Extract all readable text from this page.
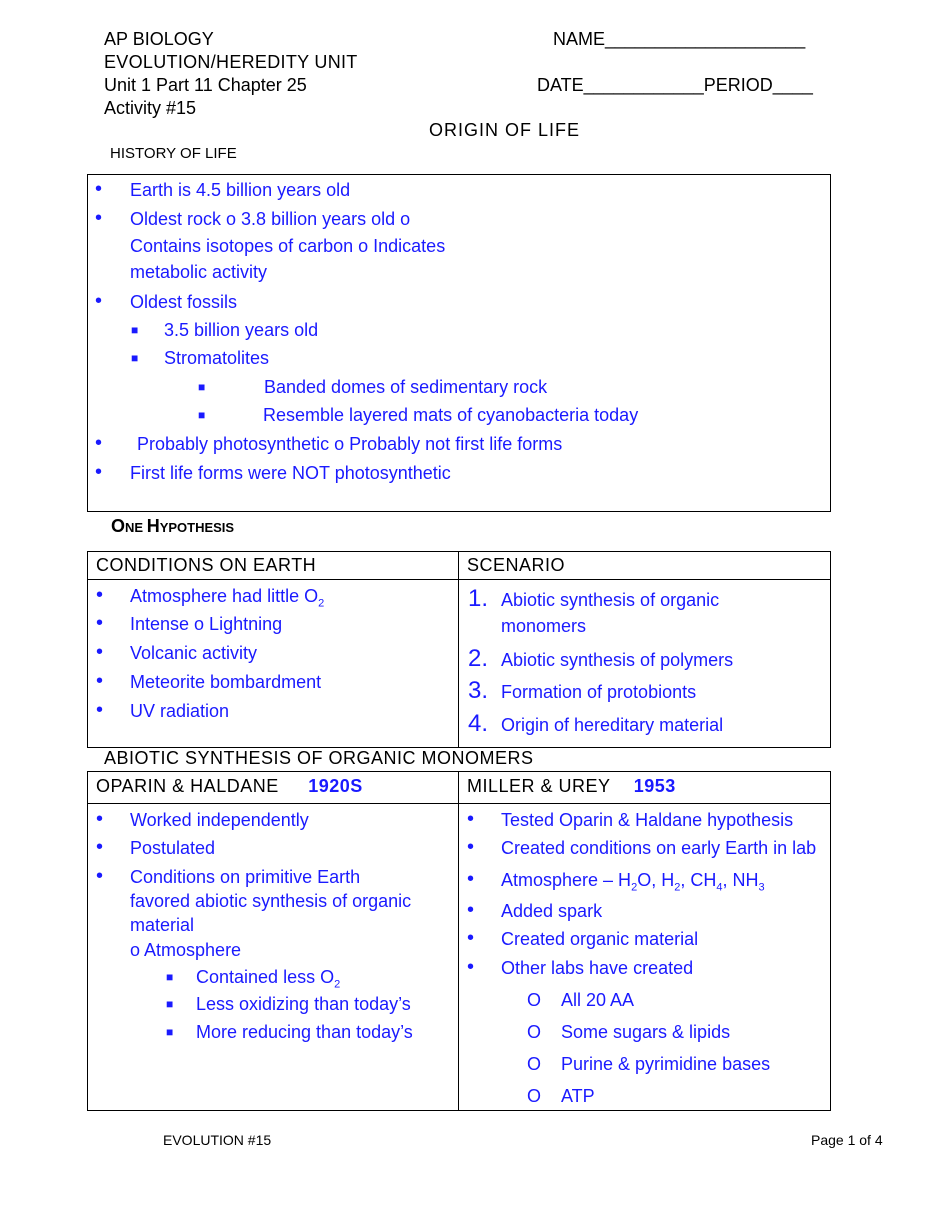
AP BIOLOGY
EVOLUTION/HEREDITY UNIT
Unit 1 Part 11 Chapter 25
Activity #15
NAME____________________
DATE____________PERIOD____
ORIGIN OF LIFE
HISTORY OF LIFE
• Earth is 4.5 billion years old
• Oldest rock o 3.8 billion years old o
Contains isotopes of carbon o Indicates
metabolic activity
• Oldest fossils
■ 3.5 billion years old
■ Stromatolites
■	Banded domes of sedimentary rock
■	Resemble layered mats of cyanobacteria today
• Probably photosynthetic o Probably not first life forms
• First life forms were NOT photosynthetic
ONE HYPOTHESIS
CONDITIONS ON EARTH	SCENARIO
• Atmosphere had little $O_2$
• Intense o Lightning
• Volcanic activity
• Meteorite bombardment
• UV radiation
1. Abiotic synthesis of organic
monomers
2. Abiotic synthesis of polymers
3. Formation of protobionts
4. Origin of hereditary material
ABIOTIC SYNTHESIS OF ORGANIC MONOMERS
OPARIN & HALDANE 1920S	MILLER & UREY 1953
• Worked independently
• Postulated
• Conditions on primitive Earth
favored abiotic synthesis of organic
material
o Atmosphere
■ Contained less $O_2$
■ Less oxidizing than today’s
■ More reducing than today’s
• Tested Oparin & Haldane hypothesis
• Created conditions on early Earth in lab
• Atmosphere – $H_2O$, $H_2$, $CH_4$, $NH_3$
• Added spark
• Created organic material
• Other labs have created
O All 20 AA
O Some sugars & lipids
O Purine & pyrimidine bases
O ATP
EVOLUTION #15	Page 1 of 4
